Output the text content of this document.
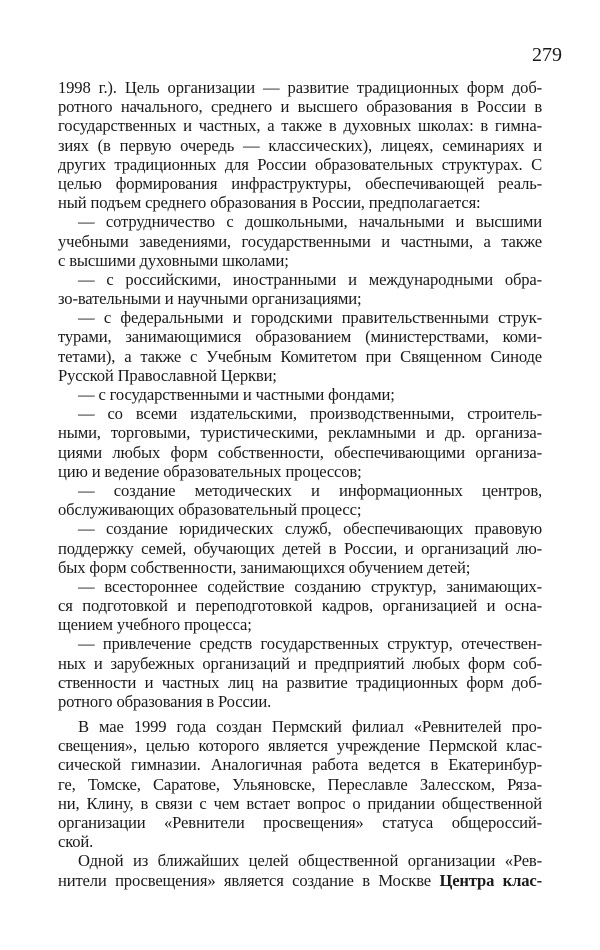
279
1998 г.). Цель организации — развитие традиционных форм доб-
ротного начального, среднего и высшего образования в России в
государственных и частных, а также в духовных школах: в гимна-
зиях (в первую очередь — классических), лицеях, семинариях и
других традиционных для России образовательных структурах. С
целью формирования инфраструктуры, обеспечивающей реаль-
ный подъем среднего образования в России, предполагается:
— сотрудничество с дошкольными, начальными и высшими
учебными заведениями, государственными и частными, а также
с высшими духовными школами;
— с российскими, иностранными и международными обра-
зо-вательными и научными организациями;
— с федеральными и городскими правительственными струк-
турами, занимающимися образованием (министерствами, коми-
тетами), а также с Учебным Комитетом при Священном Синоде
Русской Православной Церкви;
— с государственными и частными фондами;
— со всеми издательскими, производственными, строитель-
ными, торговыми, туристическими, рекламными и др. организа-
циями любых форм собственности, обеспечивающими организа-
цию и ведение образовательных процессов;
— создание методических и информационных центров,
обслуживающих образовательный процесс;
— создание юридических служб, обеспечивающих правовую
поддержку семей, обучающих детей в России, и организаций лю-
бых форм собственности, занимающихся обучением детей;
— всестороннее содействие созданию структур, занимающих-
ся подготовкой и переподготовкой кадров, организацией и осна-
щением учебного процесса;
— привлечение средств государственных структур, отечествен-
ных и зарубежных организаций и предприятий любых форм соб-
ственности и частных лиц на развитие традиционных форм доб-
ротного образования в России.
В мае 1999 года создан Пермский филиал «Ревнителей про-
свещения», целью которого является учреждение Пермской клас-
сической гимназии. Аналогичная работа ведется в Екатеринбур-
ге, Томске, Саратове, Ульяновске, Переславле Залесском, Ряза-
ни, Клину, в связи с чем встает вопрос о придании общественной
организации «Ревнители просвещения» статуса общероссий-
ской.
Одной из ближайших целей общественной организации «Рев-
нители просвещения» является создание в Москве Центра клас-
